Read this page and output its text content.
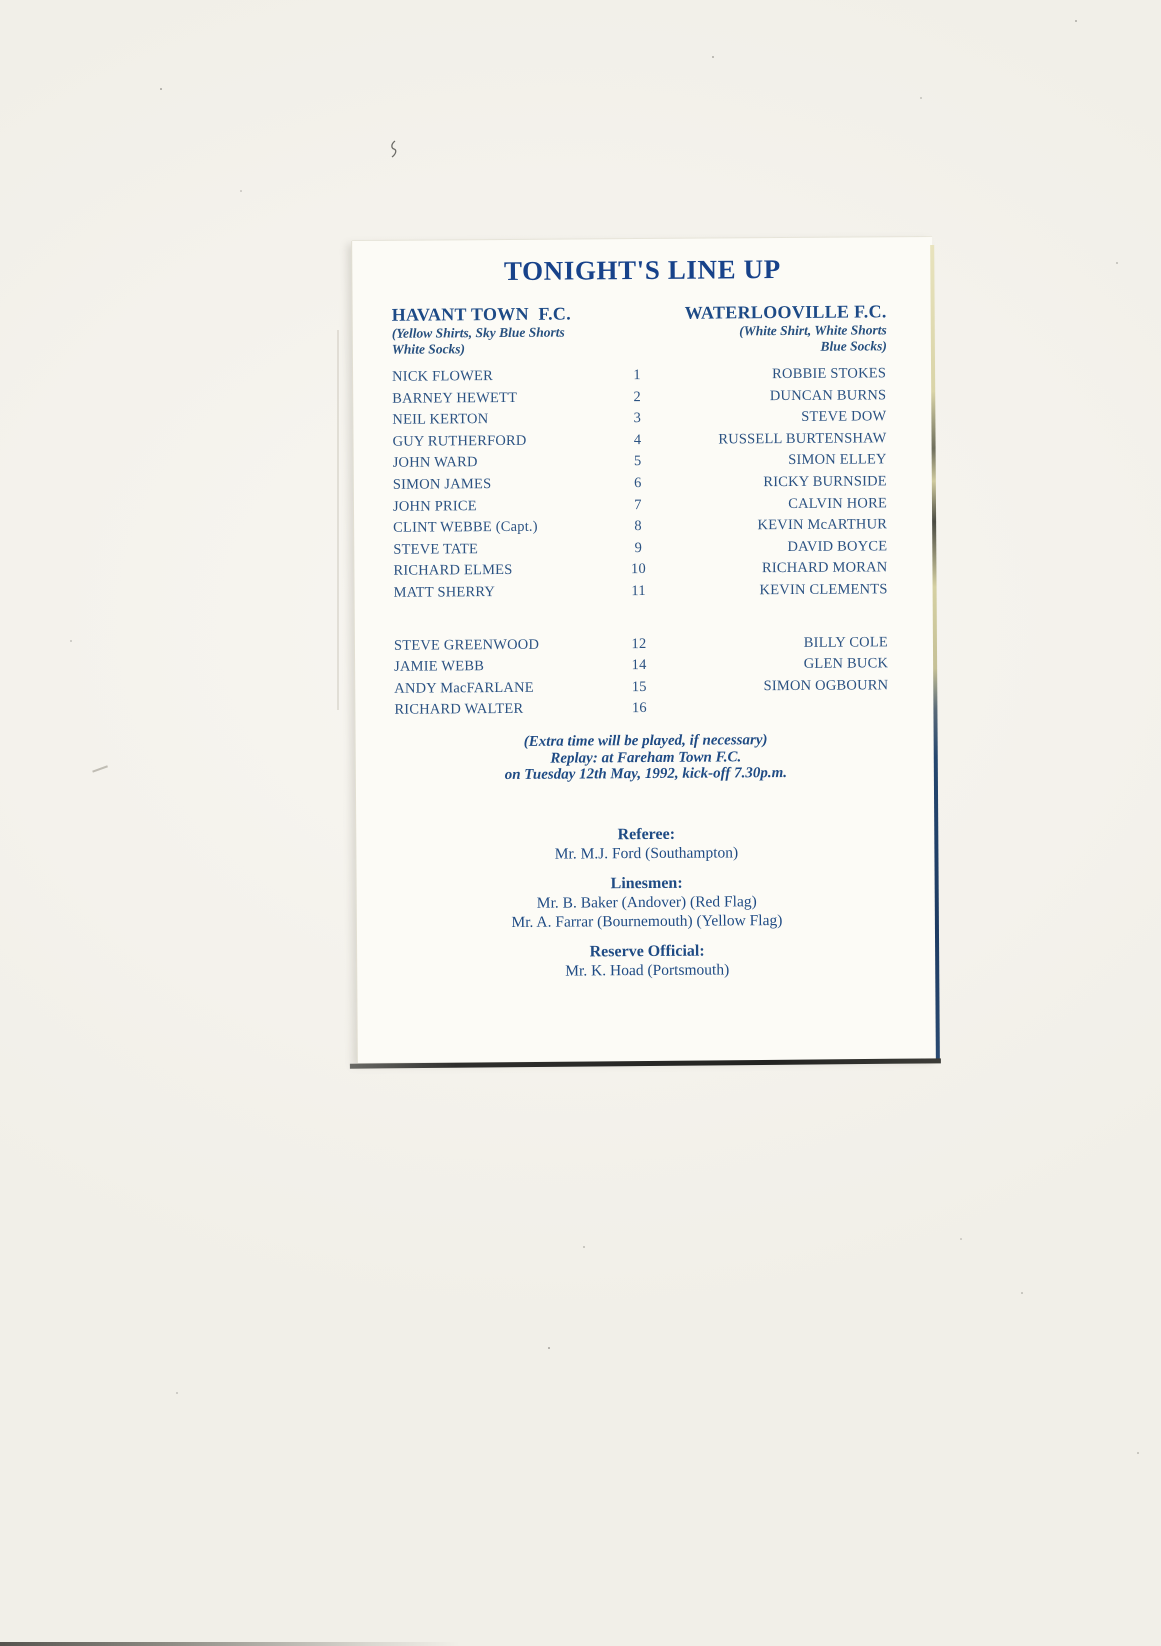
TONIGHT'S LINE UP
HAVANT TOWN  F.C.
(Yellow Shirts, Sky Blue Shorts
White Socks)
WATERLOOVILLE F.C.
(White Shirt, White Shorts
Blue Socks)
NICK FLOWER	1	ROBBIE STOKES
BARNEY HEWETT	2	DUNCAN BURNS
NEIL KERTON	3	STEVE DOW
GUY RUTHERFORD	4	RUSSELL BURTENSHAW
JOHN WARD	5	SIMON ELLEY
SIMON JAMES	6	RICKY BURNSIDE
JOHN PRICE	7	CALVIN HORE
CLINT WEBBE (Capt.)	8	KEVIN McARTHUR
STEVE TATE	9	DAVID BOYCE
RICHARD ELMES	10	RICHARD MORAN
MATT SHERRY	11	KEVIN CLEMENTS
STEVE GREENWOOD	12	BILLY COLE
JAMIE WEBB	14	GLEN BUCK
ANDY MacFARLANE	15	SIMON OGBOURN
RICHARD WALTER	16
(Extra time will be played, if necessary)
Replay: at Fareham Town F.C.
on Tuesday 12th May, 1992, kick-off 7.30p.m.
Referee:
Mr. M.J. Ford (Southampton)
Linesmen:
Mr. B. Baker (Andover) (Red Flag)
Mr. A. Farrar (Bournemouth) (Yellow Flag)
Reserve Official:
Mr. K. Hoad (Portsmouth)
